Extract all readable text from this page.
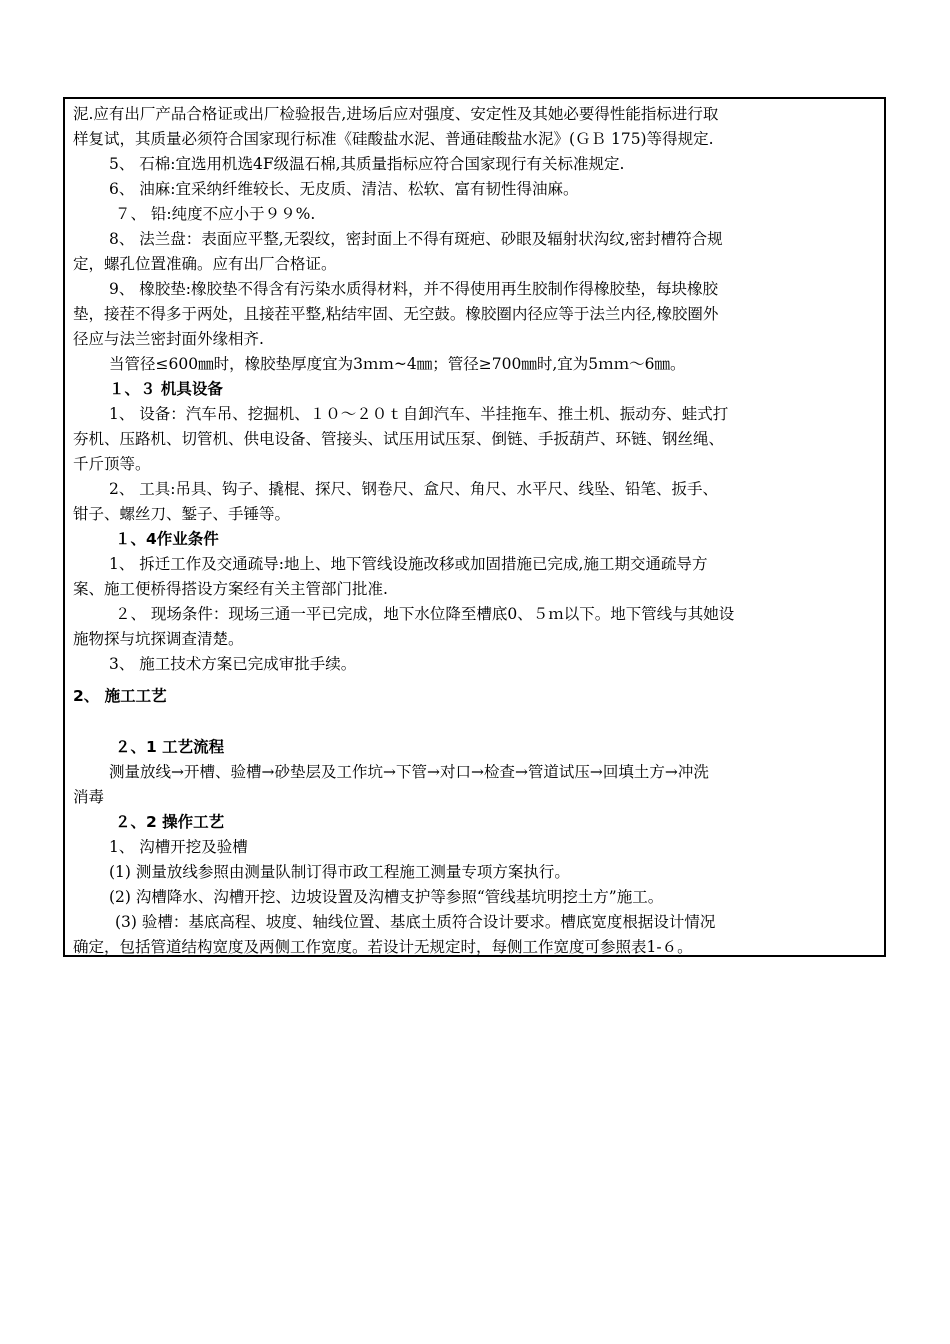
泥.应有出厂产品合格证或出厂检验报告,进场后应对强度、安定性及其她必要得性能指标进行取
样复试，其质量必须符合国家现行标准《硅酸盐水泥、普通硅酸盐水泥》(ＧＢ 175)等得规定.
5、 石棉:宜选用机选4F级温石棉,其质量指标应符合国家现行有关标准规定.
6、 油麻:宜采纳纤维较长、无皮质、清洁、松软、富有韧性得油麻。
７、 铅:纯度不应小于９９%.
8、 法兰盘：表面应平整,无裂纹，密封面上不得有斑疤、砂眼及辐射状沟纹,密封槽符合规
定，螺孔位置准确。应有出厂合格证。
9、 橡胶垫:橡胶垫不得含有污染水质得材料，并不得使用再生胶制作得橡胶垫，每块橡胶
垫，接茬不得多于两处，且接茬平整,粘结牢固、无空鼓。橡胶圈内径应等于法兰内径,橡胶圈外
径应与法兰密封面外缘相齐.
当管径≤600㎜时，橡胶垫厚度宜为3ｍｍ~4㎜；管径≥700㎜时,宜为5ｍｍ～6㎜。
１、３ 机具设备
1、 设备：汽车吊、挖掘机、１０～２０ｔ自卸汽车、半挂拖车、推土机、振动夯、蛙式打
夯机、压路机、切管机、供电设备、管接头、试压用试压泵、倒链、手扳葫芦、环链、钢丝绳、
千斤顶等。
2、 工具:吊具、钩子、撬棍、探尺、钢卷尺、盒尺、角尺、水平尺、线坠、铅笔、扳手、
钳子、螺丝刀、錾子、手锤等。
１、4作业条件
1、 拆迁工作及交通疏导:地上、地下管线设施改移或加固措施已完成,施工期交通疏导方
案、施工便桥得搭设方案经有关主管部门批准.
２、 现场条件：现场三通一平已完成，地下水位降至槽底0、５ｍ以下。地下管线与其她设
施物探与坑探调查清楚。
3、 施工技术方案已完成审批手续。
2、 施工工艺
２、1 工艺流程
测量放线→开槽、验槽→砂垫层及工作坑→下管→对口→检查→管道试压→回填土方→冲洗
消毒
２、2 操作工艺
1、 沟槽开挖及验槽
(1) 测量放线参照由测量队制订得市政工程施工测量专项方案执行。
(2) 沟槽降水、沟槽开挖、边坡设置及沟槽支护等参照“管线基坑明挖土方”施工。
(3) 验槽：基底高程、坡度、轴线位置、基底土质符合设计要求。槽底宽度根据设计情况
确定，包括管道结构宽度及两侧工作宽度。若设计无规定时，每侧工作宽度可参照表1-６。
